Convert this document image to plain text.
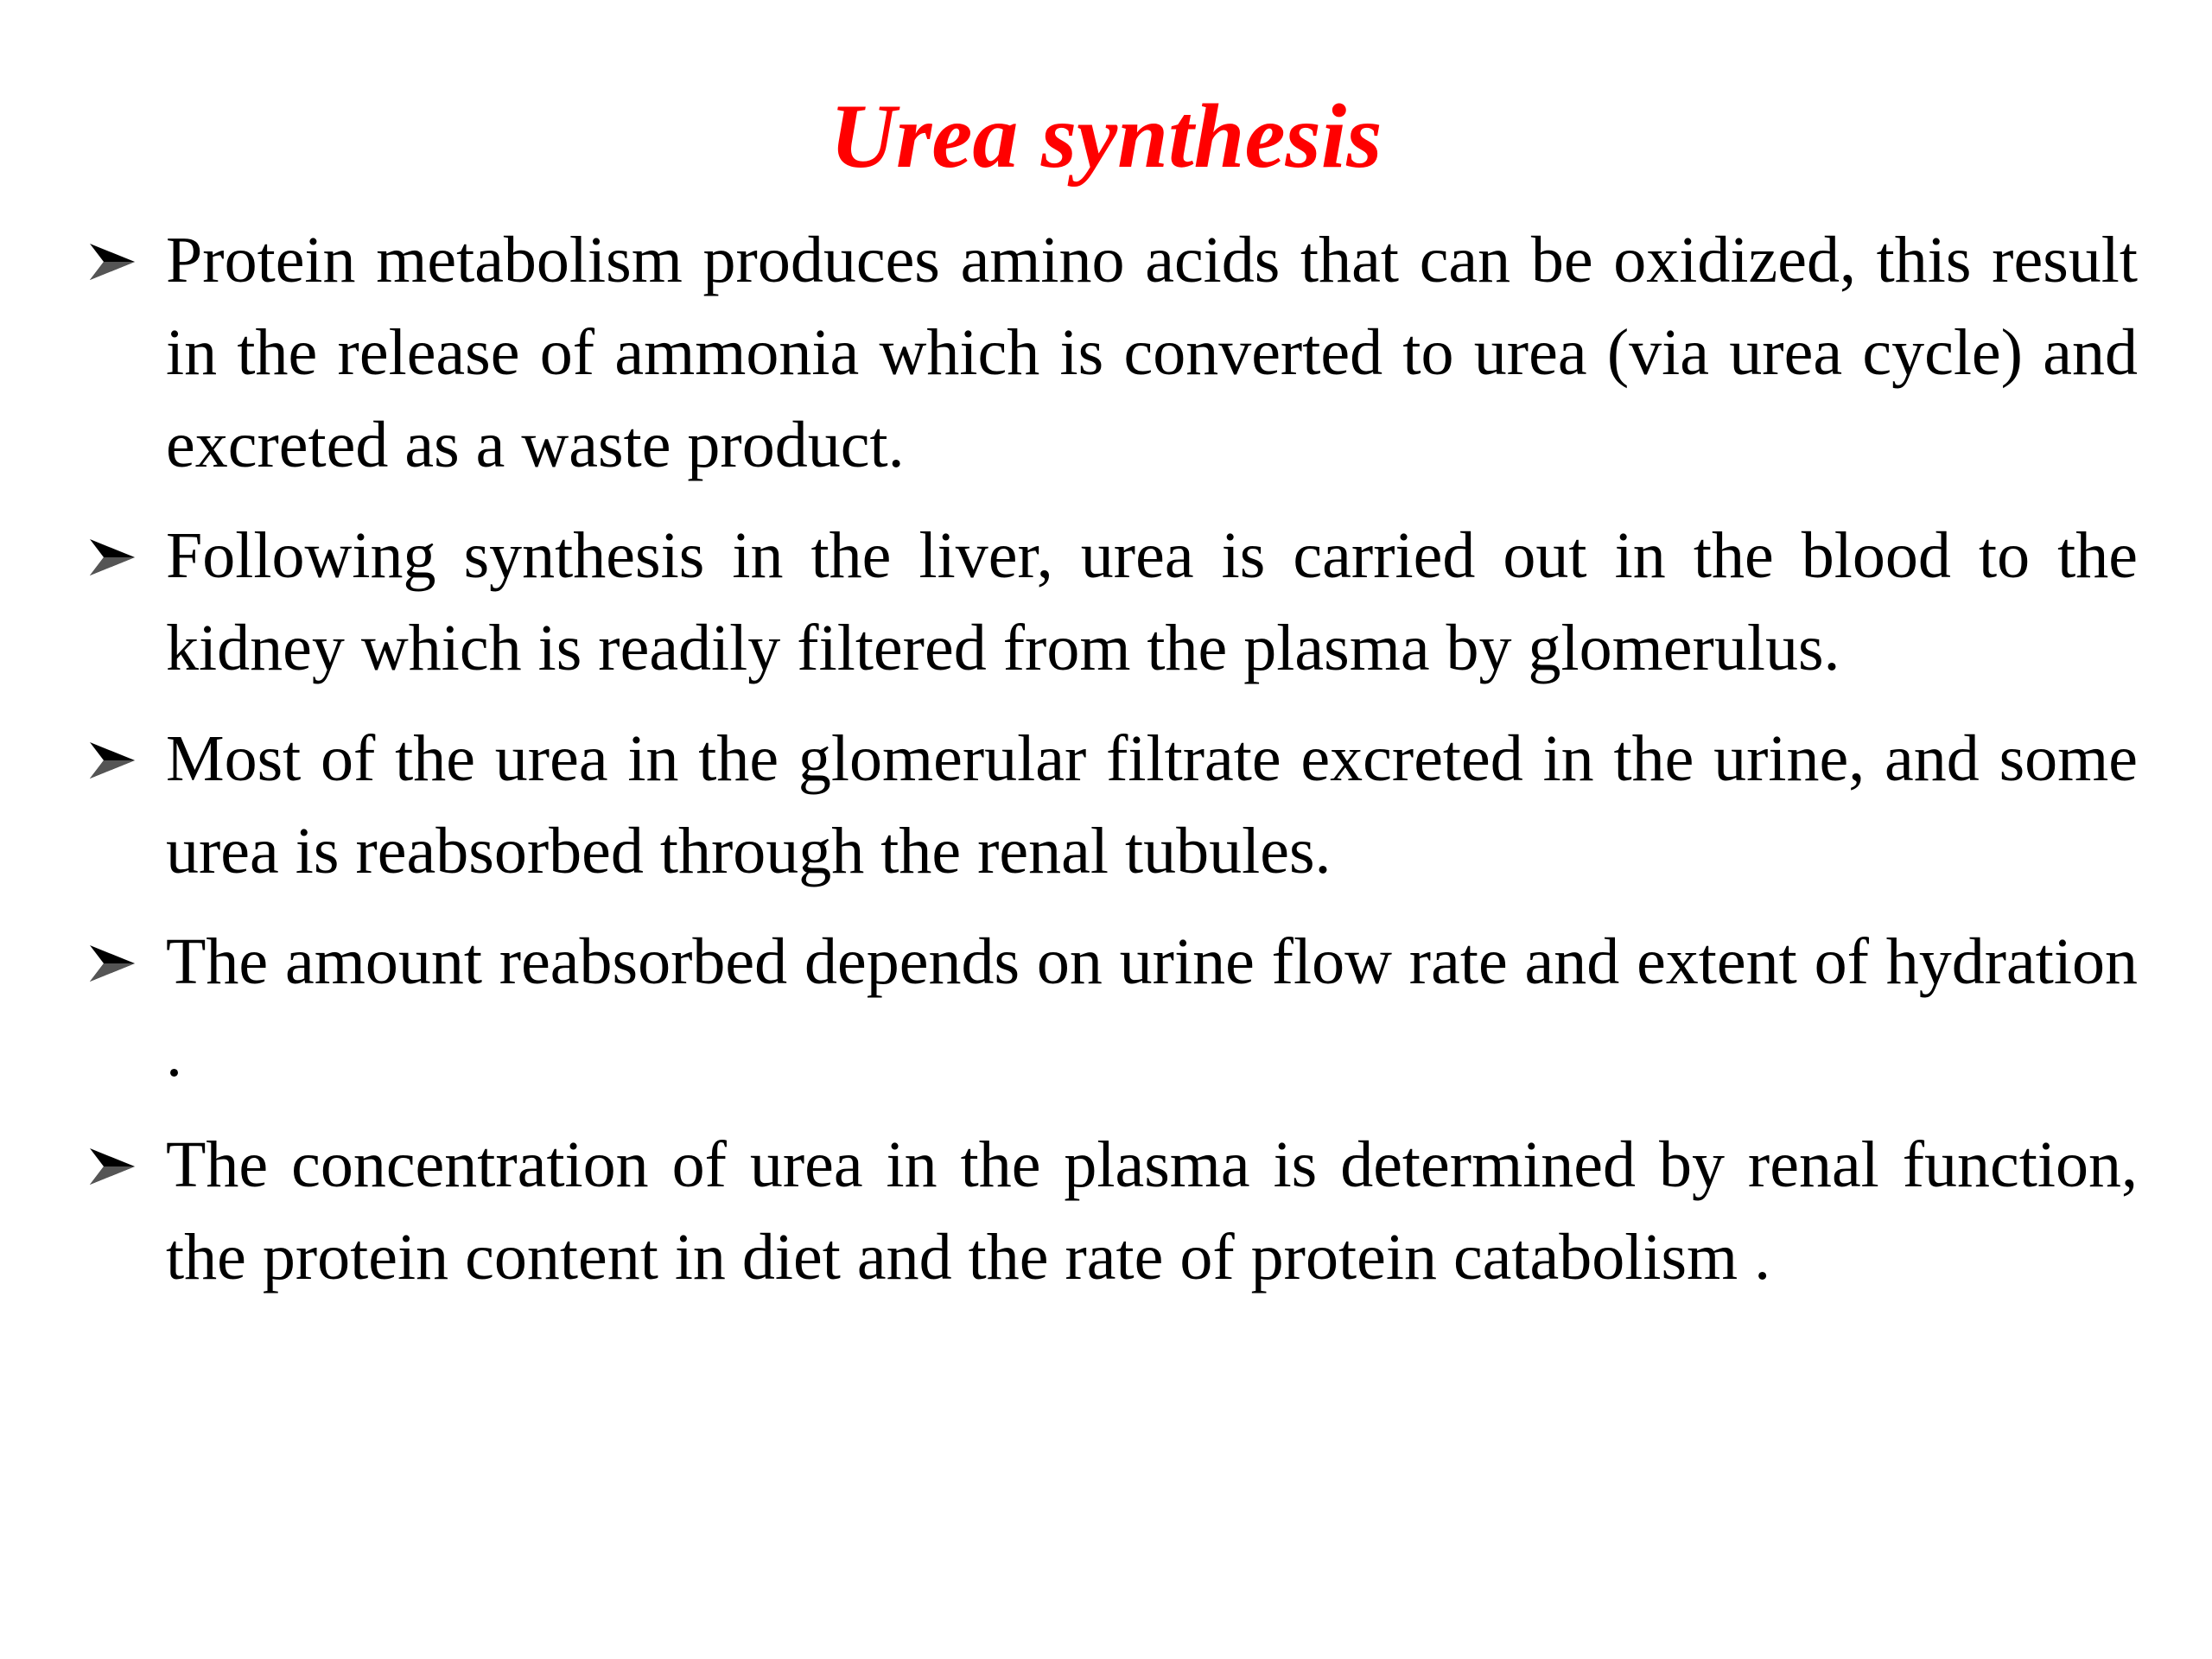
Urea synthesis
Protein metabolism produces amino acids that can be oxidized, this result in the release of ammonia which is converted to urea (via urea cycle) and excreted as a waste product.
Following synthesis in the liver, urea is carried out in the blood to the kidney which is readily filtered from the plasma by glomerulus.
Most of the urea in the glomerular filtrate excreted in the urine, and some urea is reabsorbed through the renal tubules.
The amount reabsorbed depends on urine flow rate and extent of hydration .
The concentration of urea in the plasma is determined by renal function, the protein content in diet and the rate of protein catabolism .
